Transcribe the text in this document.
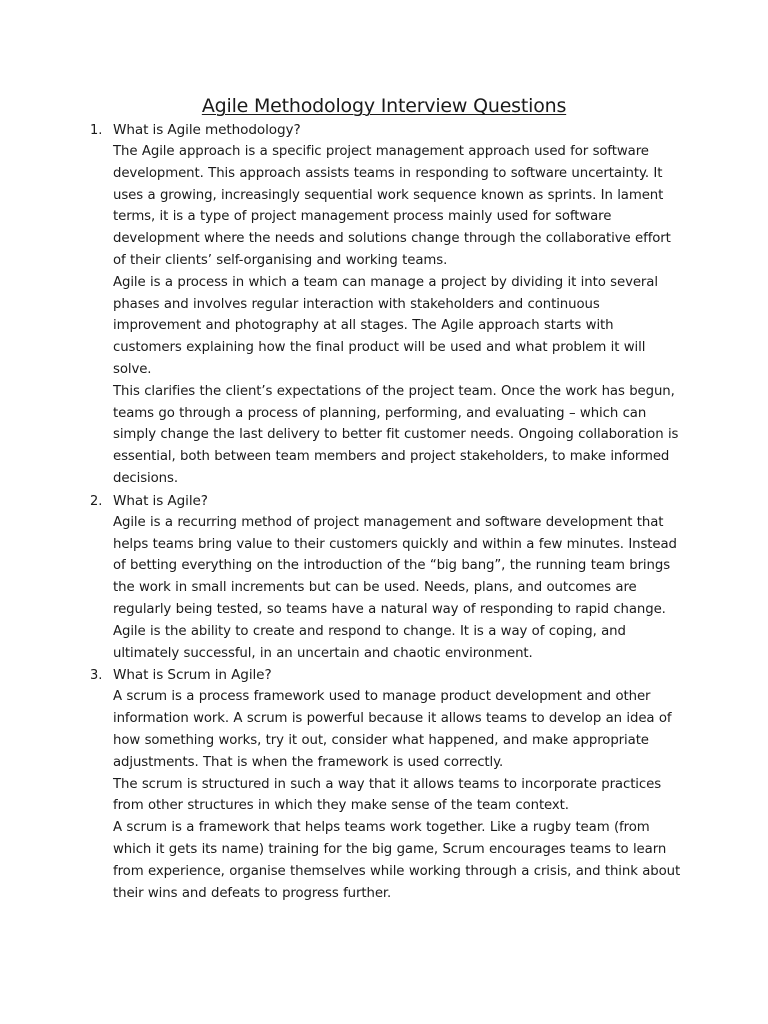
Agile Methodology Interview Questions
1. What is Agile methodology?

The Agile approach is a specific project management approach used for software development. This approach assists teams in responding to software uncertainty. It uses a growing, increasingly sequential work sequence known as sprints. In lament terms, it is a type of project management process mainly used for software development where the needs and solutions change through the collaborative effort of their clients’ self-organising and working teams.

Agile is a process in which a team can manage a project by dividing it into several phases and involves regular interaction with stakeholders and continuous improvement and photography at all stages. The Agile approach starts with customers explaining how the final product will be used and what problem it will solve.

This clarifies the client’s expectations of the project team. Once the work has begun, teams go through a process of planning, performing, and evaluating – which can simply change the last delivery to better fit customer needs. Ongoing collaboration is essential, both between team members and project stakeholders, to make informed decisions.

2. What is Agile?

Agile is a recurring method of project management and software development that helps teams bring value to their customers quickly and within a few minutes. Instead of betting everything on the introduction of the “big bang”, the running team brings the work in small increments but can be used. Needs, plans, and outcomes are regularly being tested, so teams have a natural way of responding to rapid change.

Agile is the ability to create and respond to change. It is a way of coping, and ultimately successful, in an uncertain and chaotic environment.

3. What is Scrum in Agile?

A scrum is a process framework used to manage product development and other information work. A scrum is powerful because it allows teams to develop an idea of how something works, try it out, consider what happened, and make appropriate adjustments. That is when the framework is used correctly.

The scrum is structured in such a way that it allows teams to incorporate practices from other structures in which they make sense of the team context.

A scrum is a framework that helps teams work together. Like a rugby team (from which it gets its name) training for the big game, Scrum encourages teams to learn from experience, organise themselves while working through a crisis, and think about their wins and defeats to progress further.
